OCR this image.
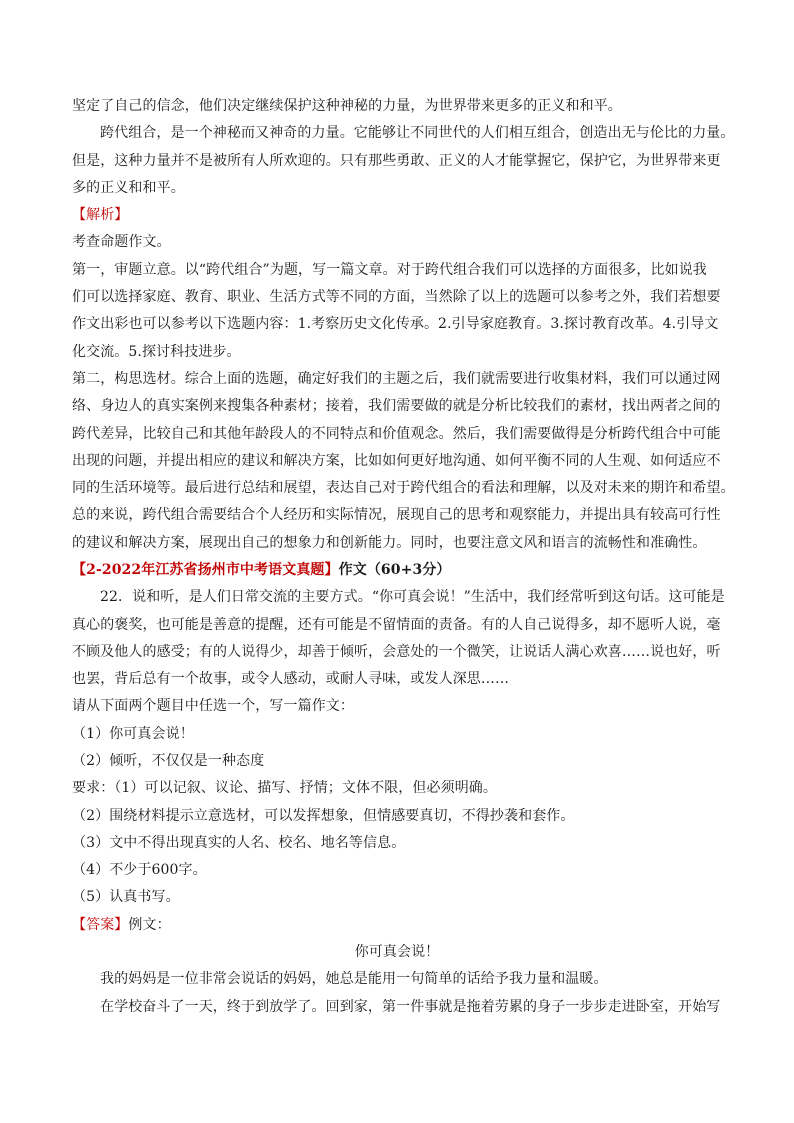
坚定了自己的信念，他们决定继续保护这种神秘的力量，为世界带来更多的正义和和平。
跨代组合，是一个神秘而又神奇的力量。它能够让不同世代的人们相互组合，创造出无与伦比的力量。
但是，这种力量并不是被所有人所欢迎的。只有那些勇敢、正义的人才能掌握它，保护它，为世界带来更
多的正义和和平。
【解析】
考查命题作文。
第一，审题立意。以“跨代组合”为题，写一篇文章。对于跨代组合我们可以选择的方面很多，比如说我
们可以选择家庭、教育、职业、生活方式等不同的方面，当然除了以上的选题可以参考之外，我们若想要
作文出彩也可以参考以下选题内容：1.考察历史文化传承。2.引导家庭教育。3.探讨教育改革。4.引导文
化交流。5.探讨科技进步。
第二，构思选材。综合上面的选题，确定好我们的主题之后，我们就需要进行收集材料，我们可以通过网
络、身边人的真实案例来搜集各种素材；接着，我们需要做的就是分析比较我们的素材，找出两者之间的
跨代差异，比较自己和其他年龄段人的不同特点和价值观念。然后，我们需要做得是分析跨代组合中可能
出现的问题，并提出相应的建议和解决方案，比如如何更好地沟通、如何平衡不同的人生观、如何适应不
同的生活环境等。最后进行总结和展望，表达自己对于跨代组合的看法和理解，以及对未来的期许和希望。
总的来说，跨代组合需要结合个人经历和实际情况，展现自己的思考和观察能力，并提出具有较高可行性
的建议和解决方案，展现出自己的想象力和创新能力。同时，也要注意文风和语言的流畅性和准确性。
【2-2022年江苏省扬州市中考语文真题】作文（60+3分）
22．说和听，是人们日常交流的主要方式。“你可真会说！”生活中，我们经常听到这句话。这可能是
真心的褒奖，也可能是善意的提醒，还有可能是不留情面的责备。有的人自己说得多，却不愿听人说，毫
不顾及他人的感受；有的人说得少，却善于倾听，会意处的一个微笑，让说话人满心欢喜……说也好，听
也罢，背后总有一个故事，或令人感动，或耐人寻味，或发人深思……
请从下面两个题目中任选一个，写一篇作文：
（1）你可真会说！
（2）倾听，不仅仅是一种态度
要求：（1）可以记叙、议论、描写、抒情；文体不限，但必须明确。
（2）围绕材料提示立意选材，可以发挥想象，但情感要真切，不得抄袭和套作。
（3）文中不得出现真实的人名、校名、地名等信息。
（4）不少于600字。
（5）认真书写。
【答案】例文：
你可真会说！
我的妈妈是一位非常会说话的妈妈，她总是能用一句简单的话给予我力量和温暖。
在学校奋斗了一天，终于到放学了。回到家，第一件事就是拖着劳累的身子一步步走进卧室，开始写
